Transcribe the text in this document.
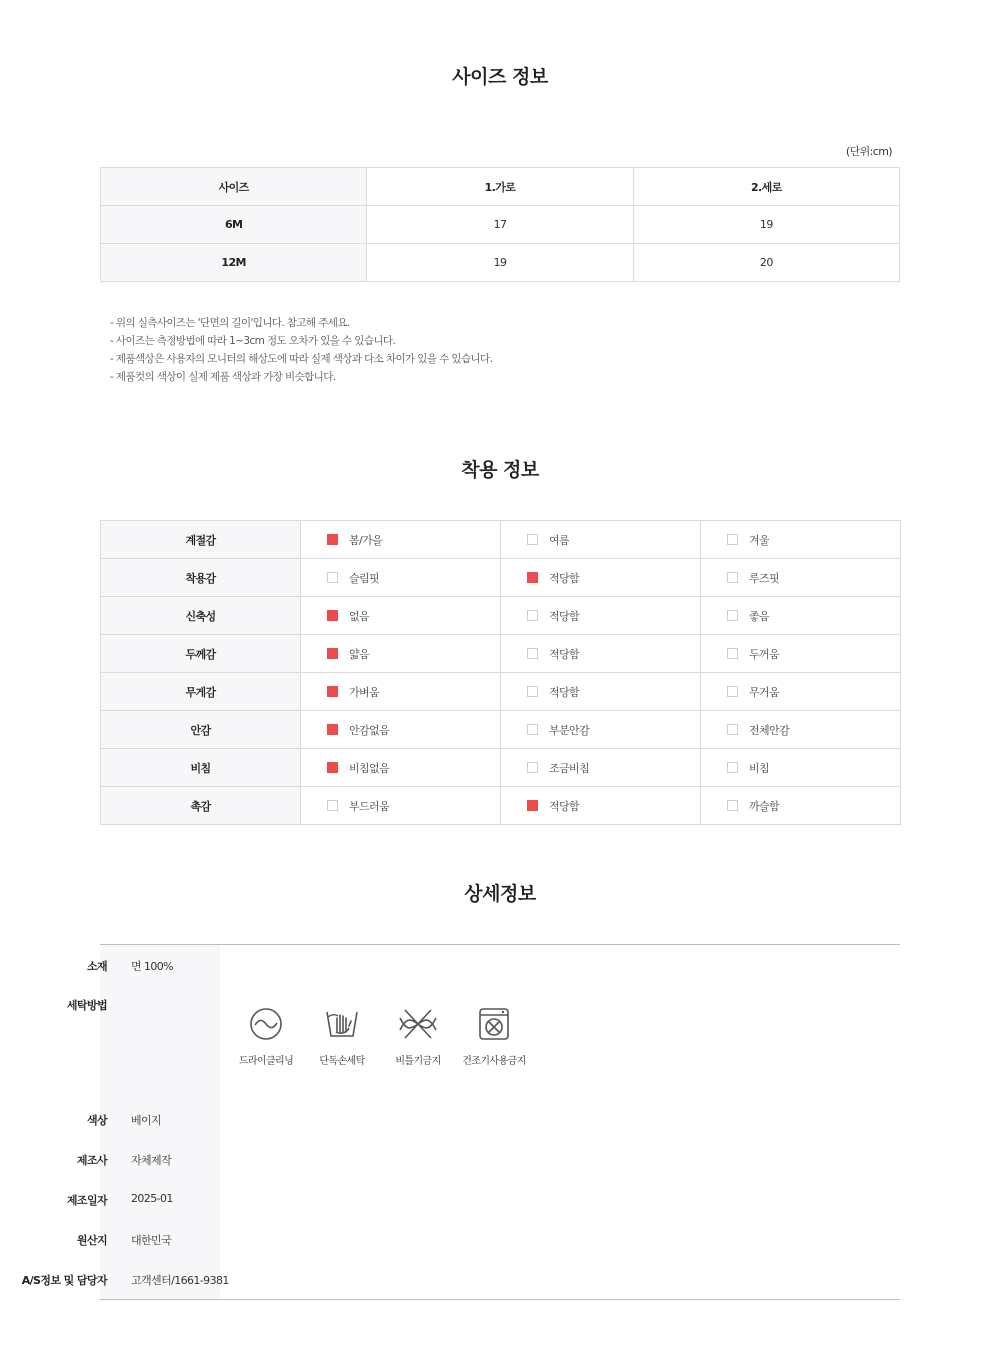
사이즈 정보
(단위:cm)
사이즈	1.가로	2.세로
6M	17	19
12M	19	20
- 위의 실측사이즈는 '단면의 길이'입니다. 참고해 주세요.
- 사이즈는 측정방법에 따라 1~3cm 정도 오차가 있을 수 있습니다.
- 제품색상은 사용자의 모니터의 해상도에 따라 실제 색상과 다소 차이가 있을 수 있습니다.
- 제품컷의 색상이 실제 제품 색상과 가장 비슷합니다.
착용 정보
계절감	봄/가을	여름	겨울
착용감	슬림핏	적당함	루즈핏
신축성	없음	적당함	좋음
두께감	얇음	적당함	두꺼움
무게감	가벼움	적당함	무거움
안감	안감없음	부분안감	전체안감
비침	비침없음	조금비침	비침
촉감	부드러움	적당함	까슬함
상세정보
소재 면 100%
세탁방법
드라이클리닝	단독손세탁	비틀기금지	건조기사용금지
색상 베이지
제조사 자체제작
제조일자 2025-01
원산지 대한민국
A/S정보 및 담당자 고객센터/1661-9381
